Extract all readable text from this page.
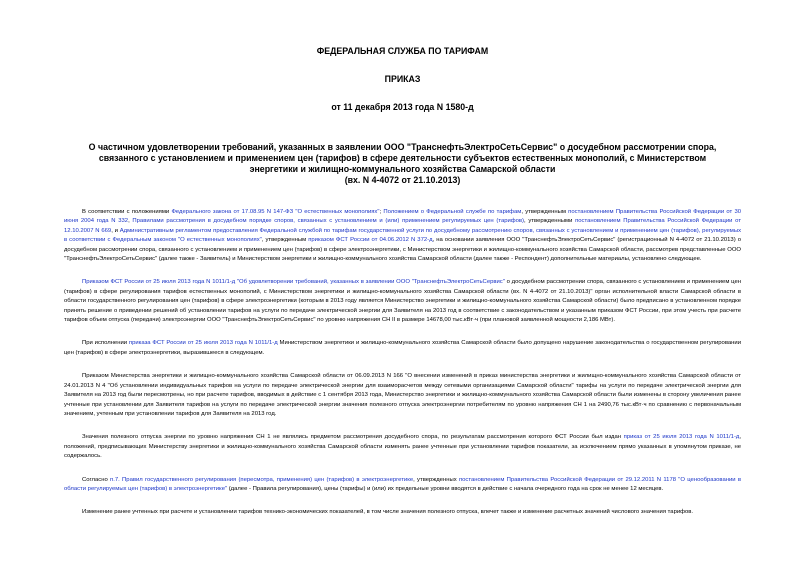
ФЕДЕРАЛЬНАЯ СЛУЖБА ПО ТАРИФАМ
ПРИКАЗ
от 11 декабря 2013 года N 1580-д
О частичном удовлетворении требований, указанных в заявлении ООО "ТранснефтьЭлектроСетьСервис" о досудебном рассмотрении спора, связанного с установлением и применением цен (тарифов) в сфере деятельности субъектов естественных монополий, с Министерством энергетики и жилищно-коммунального хозяйства Самарской области
(вх. N 4-4072 от 21.10.2013)

В соответствии с положениями Федерального закона от 17.08.95 N 147-ФЗ "О естественных монополиях"; Положением о Федеральной службе по тарифам, утвержденным постановлением Правительства Российской Федерации от 30 июня 2004 года N 332, Правилами рассмотрения в досудебном порядке споров, связанных с установлением и (или) применением регулируемых цен (тарифов), утвержденными постановлением Правительства Российской Федерации от 12.10.2007 N 669, и Административным регламентом предоставления Федеральной службой по тарифам государственной услуги по досудебному рассмотрению споров, связанных с установлением и применением цен (тарифов), регулируемых в соответствии с Федеральным законом "О естественных монополиях", утвержденным приказом ФСТ России от 04.06.2012 N 372-д, на основании заявления ООО "ТранснефтьЭлектроСетьСервис" (регистрационный N 4-4072 от 21.10.2013) о досудебном рассмотрении спора, связанного с установлением и применением цен (тарифов) в сфере электроэнергетики, с Министерством энергетики и жилищно-коммунального хозяйства Самарской области, рассмотрев представленные ООО "ТранснефтьЭлектроСетьСервис" (далее также - Заявитель) и Министерством энергетики и жилищно-коммунального хозяйства Самарской области (далее также - Респондент) дополнительные материалы, установлено следующее.

Приказом ФСТ России от 25 июля 2013 года N 1011/1-д "Об удовлетворении требований, указанных в заявлении ООО "ТранснефтьЭлектроСетьСервис" о досудебном рассмотрении спора, связанного с установлением и применением цен (тарифов) в сфере регулирования тарифов естественных монополий, с Министерством энергетики и жилищно-коммунального хозяйства Самарской области (вх. N 4-4072 от 21.10.2013)" орган исполнительной власти Самарской области в области государственного регулирования цен (тарифов) в сфере электроэнергетики (которым в 2013 году является Министерство энергетики и жилищно-коммунального хозяйства Самарской области) было предписано в установленном порядке принять решение о приведении решений об установлении тарифов на услуги по передаче электрической энергии для Заявителя на 2013 год в соответствие с законодательством и указанным приказом ФСТ России, при этом учесть при расчете тарифов объем отпуска (передачи) электроэнергии ООО "ТранснефтьЭлектроСетьСервис" по уровню напряжения СН II в размере 14678,00 тыс.кВт·ч (при плановой заявленной мощности 2,186 МВт).

При исполнении приказа ФСТ России от 25 июля 2013 года N 1011/1-д Министерством энергетики и жилищно-коммунального хозяйства Самарской области было допущено нарушение законодательства о государственном регулировании цен (тарифов) в сфере электроэнергетики, выразившееся в следующем.

Приказом Министерства энергетики и жилищно-коммунального хозяйства Самарской области от 06.09.2013 N 166 "О внесении изменений в приказ министерства энергетики и жилищно-коммунального хозяйства Самарской области от 24.01.2013 N 4 "Об установлении индивидуальных тарифов на услуги по передаче электрической энергии для взаиморасчетов между сетевыми организациями Самарской области" тарифы на услуги по передаче электрической энергии для Заявителя на 2013 год были пересмотрены, но при расчете тарифов, вводимых в действие с 1 сентября 2013 года, Министерство энергетики и жилищно-коммунального хозяйства Самарской области были изменены в сторону увеличения ранее учтенные при установлении для Заявителя тарифов на услуги по передаче электрической энергии значения полезного отпуска электроэнергии потребителям по уровню напряжения СН 1 на 2490,76 тыс.кВт·ч по сравнению с первоначальным значением, учтенным при установлении тарифов для Заявителя на 2013 год.

Значения полезного отпуска энергии по уровню напряжения СН 1 не являлись предметом рассмотрения досудебного спора, по результатам рассмотрения которого ФСТ России был издан приказ от 25 июля 2013 года N 1011/1-д, положений, предписывающих Министерству энергетики и жилищно-коммунального хозяйства Самарской области изменять ранее учтенные при установлении тарифов показатели, за исключением прямо указанных в упомянутом приказе, не содержалось.

Согласно п.7. Правил государственного регулирования (пересмотра, применения) цен (тарифов) в электроэнергетике, утвержденных постановлением Правительства Российской Федерации от 29.12.2011 N 1178 "О ценообразовании в области регулируемых цен (тарифов) в электроэнергетике" (далее - Правила регулирования), цены (тарифы) и (или) их предельные уровни вводятся в действие с начала очередного года на срок не менее 12 месяцев.

Изменение ранее учтенных при расчете и установлении тарифов технико-экономических показателей, в том числе значения полезного отпуска, влечет также и изменение расчетных значений числового значения тарифов.
